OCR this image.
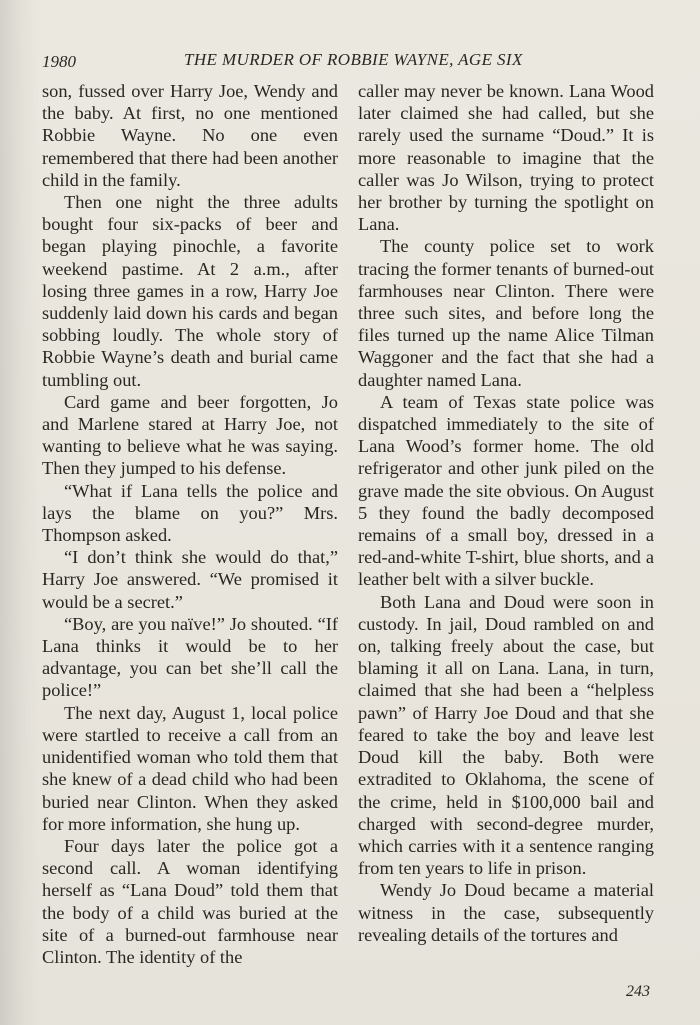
1980	THE MURDER OF ROBBIE WAYNE, AGE SIX

son, fussed over Harry Joe, Wendy and the baby. At first, no one mentioned Robbie Wayne. No one even remembered that there had been another child in the family.

Then one night the three adults bought four six-packs of beer and began playing pinochle, a favorite weekend pastime. At 2 a.m., after losing three games in a row, Harry Joe suddenly laid down his cards and began sobbing loudly. The whole story of Robbie Wayne’s death and burial came tumbling out.

Card game and beer forgotten, Jo and Marlene stared at Harry Joe, not wanting to believe what he was saying. Then they jumped to his defense.

“What if Lana tells the police and lays the blame on you?” Mrs. Thompson asked.

“I don’t think she would do that,” Harry Joe answered. “We promised it would be a secret.”

“Boy, are you naïve!” Jo shouted. “If Lana thinks it would be to her advantage, you can bet she’ll call the police!”

The next day, August 1, local police were startled to receive a call from an unidentified woman who told them that she knew of a dead child who had been buried near Clinton. When they asked for more information, she hung up.

Four days later the police got a second call. A woman identifying herself as “Lana Doud” told them that the body of a child was buried at the site of a burned-out farmhouse near Clinton. The identity of the

caller may never be known. Lana Wood later claimed she had called, but she rarely used the surname “Doud.” It is more reasonable to imagine that the caller was Jo Wilson, trying to protect her brother by turning the spotlight on Lana.

The county police set to work tracing the former tenants of burned-out farmhouses near Clinton. There were three such sites, and before long the files turned up the name Alice Tilman Waggoner and the fact that she had a daughter named Lana.

A team of Texas state police was dispatched immediately to the site of Lana Wood’s former home. The old refrigerator and other junk piled on the grave made the site obvious. On August 5 they found the badly decomposed remains of a small boy, dressed in a red-and-white T-shirt, blue shorts, and a leather belt with a silver buckle.

Both Lana and Doud were soon in custody. In jail, Doud rambled on and on, talking freely about the case, but blaming it all on Lana. Lana, in turn, claimed that she had been a “helpless pawn” of Harry Joe Doud and that she feared to take the boy and leave lest Doud kill the baby. Both were extradited to Oklahoma, the scene of the crime, held in $100,000 bail and charged with second-degree murder, which carries with it a sentence ranging from ten years to life in prison.

Wendy Jo Doud became a material witness in the case, subsequently revealing details of the tortures and

243
